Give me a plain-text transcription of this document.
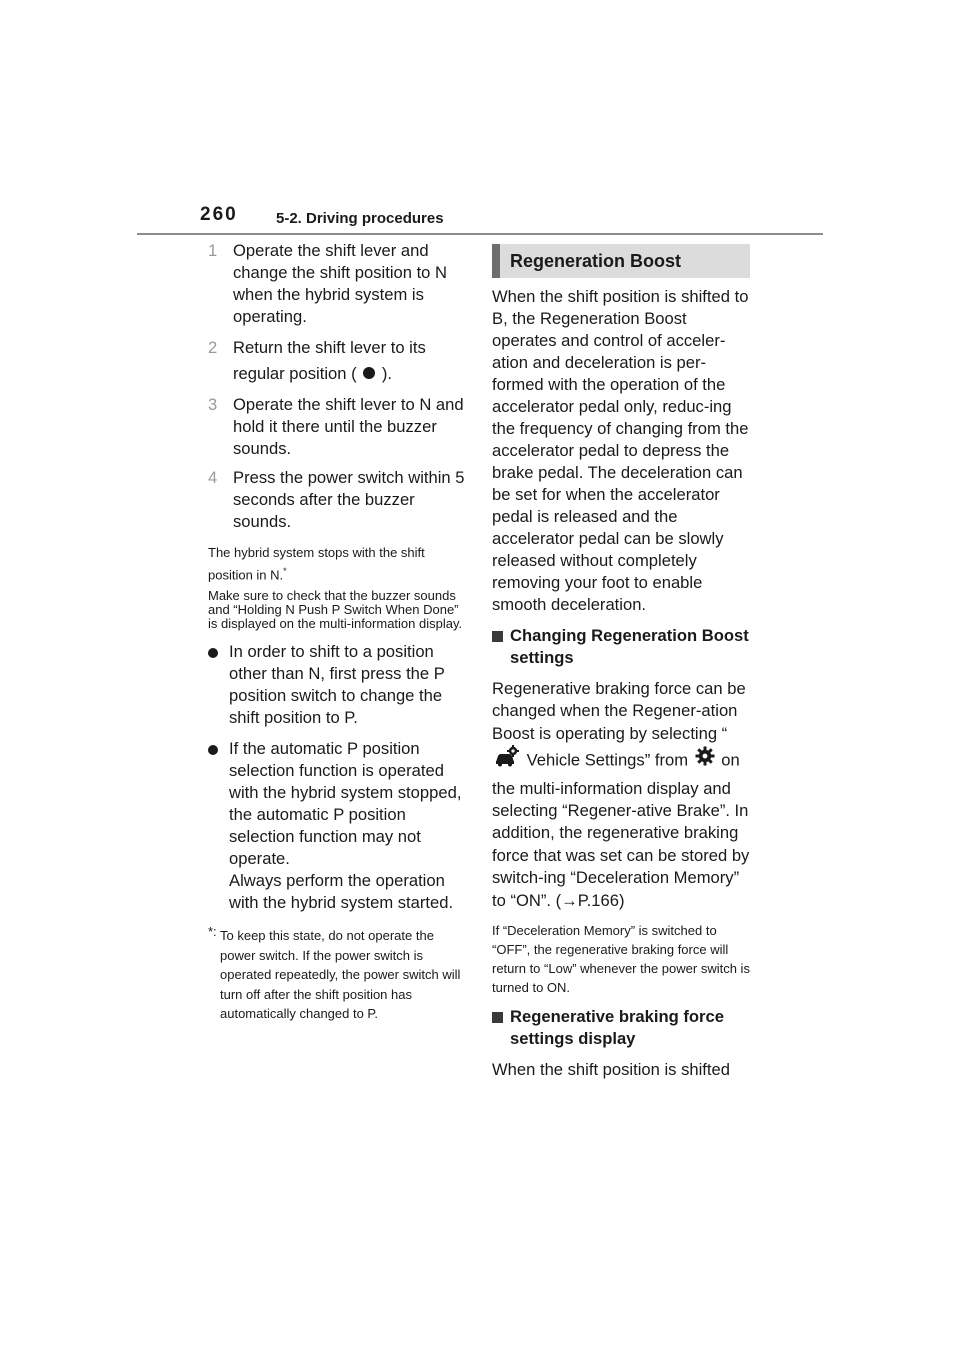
260	5-2. Driving procedures
1 Operate the shift lever and change the shift position to N when the hybrid system is operating.
2 Return the shift lever to its regular position ( ).
3 Operate the shift lever to N and hold it there until the buzzer sounds.
4 Press the power switch within 5 seconds after the buzzer sounds.

The hybrid system stops with the shift position in N.*

Make sure to check that the buzzer sounds and “Holding N Push P Switch When Done” is displayed on the multi-information display.

In order to shift to a position other than N, first press the P position switch to change the shift position to P.
If the automatic P position selection function is operated with the hybrid system stopped, the automatic P position selection function may not operate.
Always perform the operation with the hybrid system started.
*: To keep this state, do not operate the power switch. If the power switch is operated repeatedly, the power switch will turn off after the shift position has automatically changed to P.
Regeneration Boost
When the shift position is shifted to B, the Regeneration Boost operates and control of acceler-ation and deceleration is per-formed with the operation of the accelerator pedal only, reduc-ing the frequency of changing from the accelerator pedal to depress the brake pedal. The deceleration can be set for when the accelerator pedal is released and the accelerator pedal can be slowly released without completely removing your foot to enable smooth deceleration.
Changing Regeneration Boost settings
Regenerative braking force can be changed when the Regener-ation Boost is operating by selecting “  Vehicle Settings” from on the multi-information display and selecting “Regener-ative Brake”. In addition, the regenerative braking force that was set can be stored by switch-ing “Deceleration Memory” to “ON”. (→P.166)
If “Deceleration Memory” is switched to “OFF”, the regenerative braking force will return to “Low” whenever the power switch is turned to ON.
Regenerative braking force settings display
When the shift position is shifted
